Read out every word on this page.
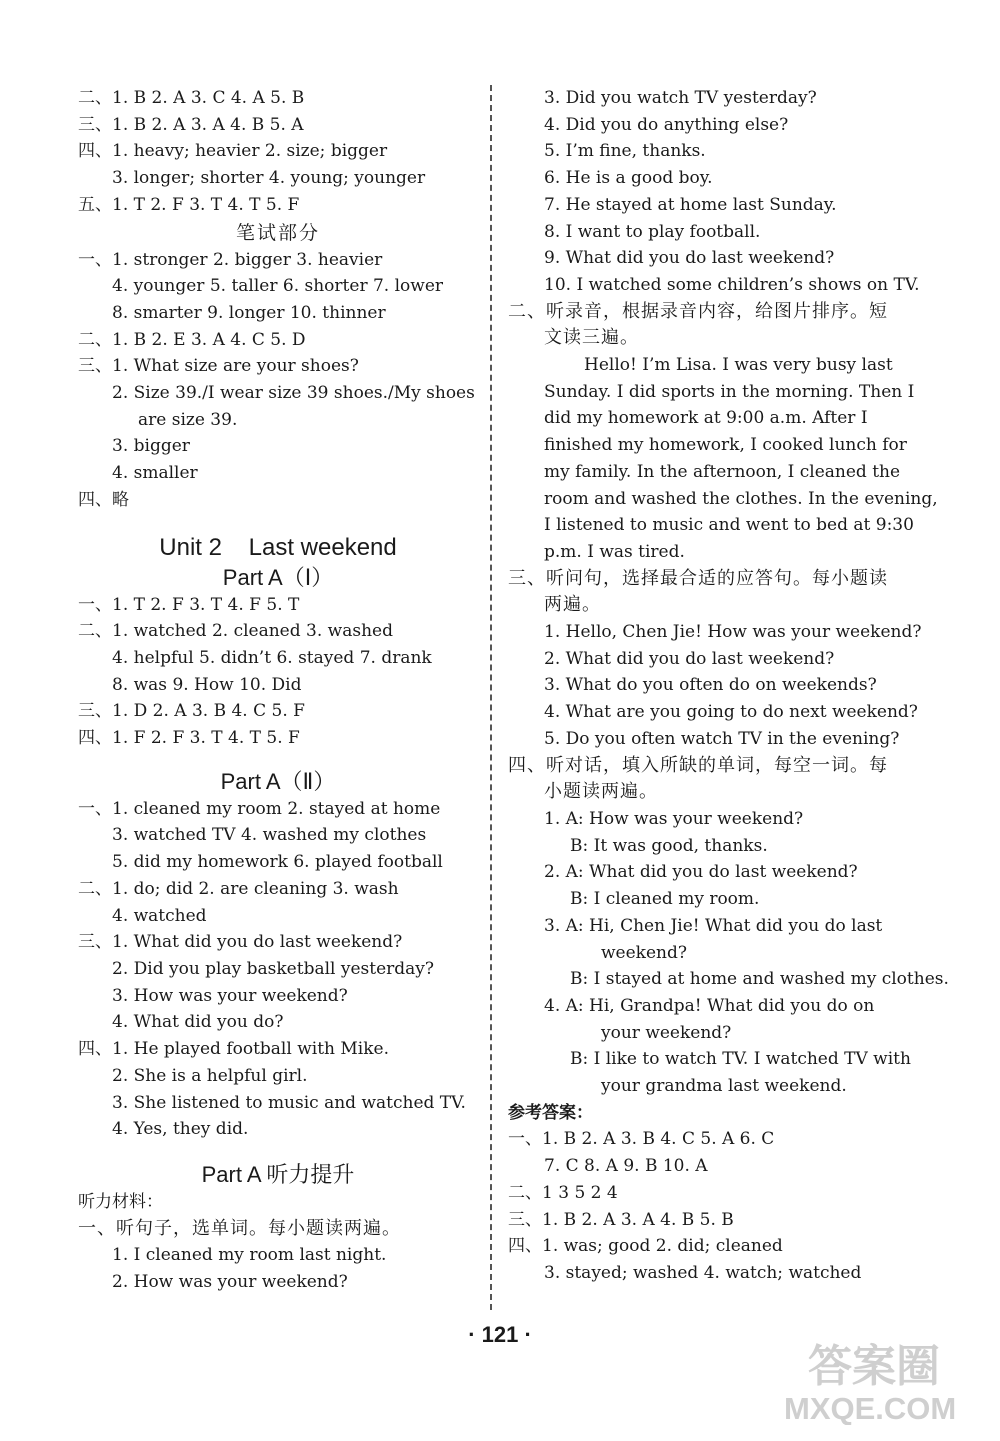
二、1. B 2. A 3. C 4. A 5. B
三、1. B 2. A 3. A 4. B 5. A
四、1. heavy; heavier 2. size; bigger
3. longer; shorter 4. young; younger
五、1. T 2. F 3. T 4. T 5. F
笔试部分
一、1. stronger 2. bigger 3. heavier
4. younger 5. taller 6. shorter 7. lower
8. smarter 9. longer 10. thinner
二、1. B 2. E 3. A 4. C 5. D
三、1. What size are your shoes?
2. Size 39./I wear size 39 shoes./My shoes
are size 39.
3. bigger
4. smaller
四、略
Unit 2    Last weekend
Part A（Ⅰ）
一、1. T 2. F 3. T 4. F 5. T
二、1. watched 2. cleaned 3. washed
4. helpful 5. didn’t 6. stayed 7. drank
8. was 9. How 10. Did
三、1. D 2. A 3. B 4. C 5. F
四、1. F 2. F 3. T 4. T 5. F
Part A（Ⅱ）
一、1. cleaned my room 2. stayed at home
3. watched TV 4. washed my clothes
5. did my homework 6. played football
二、1. do; did 2. are cleaning 3. wash
4. watched
三、1. What did you do last weekend?
2. Did you play basketball yesterday?
3. How was your weekend?
4. What did you do?
四、1. He played football with Mike.
2. She is a helpful girl.
3. She listened to music and watched TV.
4. Yes, they did.
Part A 听力提升
听力材料：
一、听句子，选单词。每小题读两遍。
1. I cleaned my room last night.
2. How was your weekend?
3. Did you watch TV yesterday?
4. Did you do anything else?
5. I’m fine, thanks.
6. He is a good boy.
7. He stayed at home last Sunday.
8. I want to play football.
9. What did you do last weekend?
10. I watched some children’s shows on TV.
二、听录音，根据录音内容，给图片排序。短
文读三遍。
Hello! I’m Lisa. I was very busy last
Sunday. I did sports in the morning. Then I
did my homework at 9:00 a.m. After I
finished my homework, I cooked lunch for
my family. In the afternoon, I cleaned the
room and washed the clothes. In the evening,
I listened to music and went to bed at 9:30
p.m. I was tired.
三、听问句，选择最合适的应答句。每小题读
两遍。
1. Hello, Chen Jie! How was your weekend?
2. What did you do last weekend?
3. What do you often do on weekends?
4. What are you going to do next weekend?
5. Do you often watch TV in the evening?
四、听对话，填入所缺的单词，每空一词。每
小题读两遍。
1. A: How was your weekend?
B: It was good, thanks.
2. A: What did you do last weekend?
B: I cleaned my room.
3. A: Hi, Chen Jie! What did you do last
weekend?
B: I stayed at home and washed my clothes.
4. A: Hi, Grandpa! What did you do on
your weekend?
B: I like to watch TV. I watched TV with
your grandma last weekend.
参考答案：
一、1. B 2. A 3. B 4. C 5. A 6. C
7. C 8. A 9. B 10. A
二、1 3 5 2 4
三、1. B 2. A 3. A 4. B 5. B
四、1. was; good 2. did; cleaned
3. stayed; washed 4. watch; watched
· 121 ·
答案圈
MXQE.COM
